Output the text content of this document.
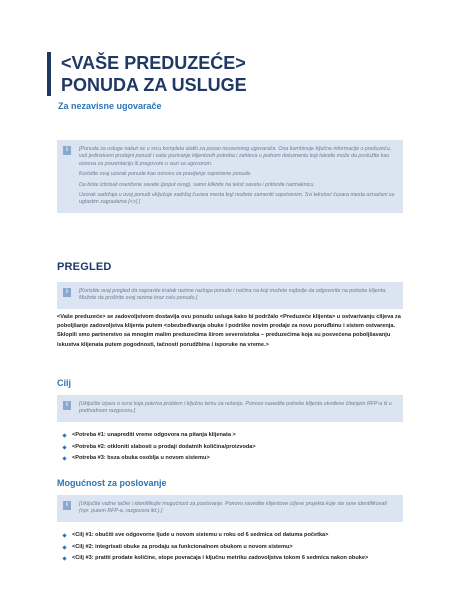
<VAŠE PREDUZEĆE>

PONUDA ZA USLUGE

Za nezavisne ugovarače
i	[Ponuda za usluge nalazi se u srcu kompleta alatki za posao nezavisnog ugovarača. Ona kombinuje ključne informacije o preduzeću, vaš jedinstveni prodajni ponudi i vaše pozivanje klijentovih potreba i zahteva u jednom dokumentu koji takođe može da poslužite kao osnova za prezentaciju ili pregovore u vezi sa ugovorom.

Koristite ovaj uzorak ponude kao osnovu za pravljenje sopstvene ponude.

Da biste izbrisali osenčene savete (poput ovog), samo kliknite na tekst saveta i pritisnite razmaknicu.

Uzorak sadržaja u ovoj ponudi uključuje sadržaj čuvara mesta koji možete zameniti sopstvenim. Svi tekstovi čuvara mesta označeni su uglastim zagradama [<>] ]

PREGLED
i	[Koristite ovaj pregled da napravite kratak rezime razloga ponude i načina na koji možete najbolje da odgovorite na potrebe klijenta. Možete da proširite ovaj rezime kroz celu ponudu.]

<Vaše preduzeće> se zadovoljstvom dostavlja ovu ponudu usluga kako bi podržalo <Preduzeće klijenta> u ostvarivanju ciljeva za poboljšanje zadovoljstva klijenta putem <obezbeđivanja obuke i podrške novim prodaje za novu poruđbinu i sistem ostvarenja. Sklopili smo partnerstvo sa mnogim malim preduzećima širom severoistoka – preduzećima koja su posvećena poboljšavanju iskustva klijenata putem pogodnosti, tačnosti porudžbina i isporuke na vreme.>
Cilj
i	[Uključite izjavu o svrsi koja pokriva problem i ključnu temu za rešenje. Ponovo navedite potrebe klijenta utvrđene čitanjem RFP-a ili u prethodnom razgovoru.]

<Potreba #1: unaprediti vreme odgovora na pitanja klijenata >
<Potreba #2: otkloniti slabosti u prodaji dodatnih količina/proizvoda>
<Potreba #3: bsza obuka osoblja u novom sistemu>
Mogućnost za poslovanje
i	[Uključite važne tačke i identifikujte mogućnost za poslovanje. Ponovo navedite klijentove ciljeve projekta koje ste rane identifikovali (npr. putem RFP-a, razgovora itd.).]

<Cilj #1: obučiti sve odgovorne ljude u novom sistemu u roku od 6 sedmica od datuma početka>
<Cilj #2: integrisati obuke za prodaju sa funkcionalnom obukom u novom sistemu>
<Cilj #3: pratiti prodate količine, stope povraćaja i ključnu metriku zadovoljstva tokom 6 sedmica nakon obuke>
